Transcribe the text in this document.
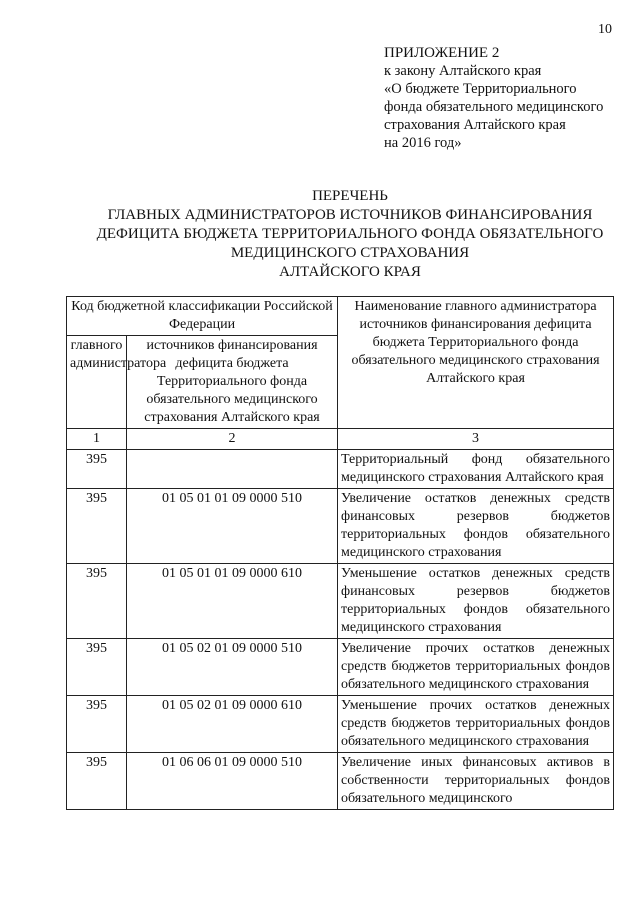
10
ПРИЛОЖЕНИЕ 2
к закону Алтайского края
«О бюджете Территориального
фонда обязательного медицинского
страхования Алтайского края
на 2016 год»
ПЕРЕЧЕНЬ
ГЛАВНЫХ АДМИНИСТРАТОРОВ ИСТОЧНИКОВ ФИНАНСИРОВАНИЯ
ДЕФИЦИТА БЮДЖЕТА ТЕРРИТОРИАЛЬНОГО ФОНДА ОБЯЗАТЕЛЬНОГО
МЕДИЦИНСКОГО СТРАХОВАНИЯ
АЛТАЙСКОГО КРАЯ
Код бюджетной классификации Российской Федерации		Наименование главного администратора источников финансирования дефицита бюджета Территориального фонда обязательного медицинского страхования Алтайского края
главного администратора	источников финансирования дефицита бюджета Территориального фонда обязательного медицинского страхования Алтайского края	
1	2	3
395		Территориальный фонд обязательного медицинского страхования Алтайского края
395	01 05 01 01 09 0000 510	Увеличение остатков денежных средств финансовых резервов бюджетов территориальных фондов обязательного медицинского страхования
395	01 05 01 01 09 0000 610	Уменьшение остатков денежных средств финансовых резервов бюджетов территориальных фондов обязательного медицинского страхования
395	01 05 02 01 09 0000 510	Увеличение прочих остатков денежных средств бюджетов территориальных фондов обязательного медицинского страхования
395	01 05 02 01 09 0000 610	Уменьшение прочих остатков денежных средств бюджетов территориальных фондов обязательного медицинского страхования
395	01 06 06 01 09 0000 510	Увеличение иных финансовых активов в собственности территориальных фондов обязательного медицинского
